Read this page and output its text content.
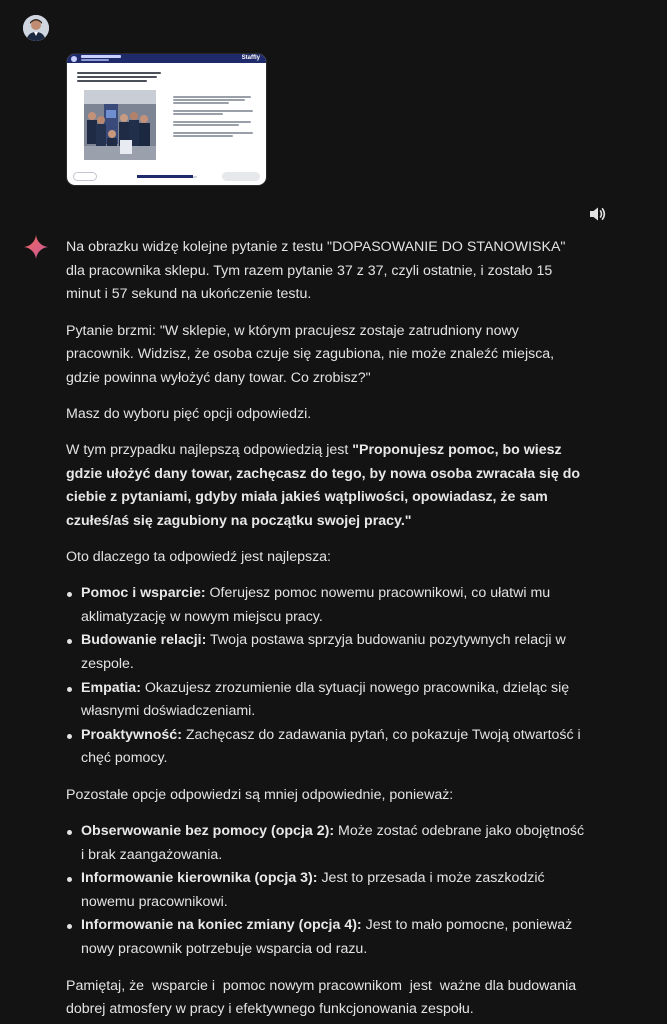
Staffly

Na obrazku widzę kolejne pytanie z testu "DOPASOWANIE DO STANOWISKA" dla pracownika sklepu. Tym razem pytanie 37 z 37, czyli ostatnie, i zostało 15 minut i 57 sekund na ukończenie testu.

Pytanie brzmi: "W sklepie, w którym pracujesz zostaje zatrudniony nowy pracownik. Widzisz, że osoba czuje się zagubiona, nie może znaleźć miejsca, gdzie powinna wyłożyć dany towar. Co zrobisz?"

Masz do wyboru pięć opcji odpowiedzi.

W tym przypadku najlepszą odpowiedzią jest "Proponujesz pomoc, bo wiesz gdzie ułożyć dany towar, zachęcasz do tego, by nowa osoba zwracała się do ciebie z pytaniami, gdyby miała jakieś wątpliwości, opowiadasz, że sam czułeś/aś się zagubiony na początku swojej pracy."

Oto dlaczego ta odpowiedź jest najlepsza:

Pomoc i wsparcie: Oferujesz pomoc nowemu pracownikowi, co ułatwi mu aklimatyzację w nowym miejscu pracy.
Budowanie relacji: Twoja postawa sprzyja budowaniu pozytywnych relacji w zespole.
Empatia: Okazujesz zrozumienie dla sytuacji nowego pracownika, dzieląc się własnymi doświadczeniami.
Proaktywność: Zachęcasz do zadawania pytań, co pokazuje Twoją otwartość i chęć pomocy.

Pozostałe opcje odpowiedzi są mniej odpowiednie, ponieważ:

Obserwowanie bez pomocy (opcja 2): Może zostać odebrane jako obojętność i brak zaangażowania.
Informowanie kierownika (opcja 3): Jest to przesada i może zaszkodzić nowemu pracownikowi.
Informowanie na koniec zmiany (opcja 4): Jest to mało pomocne, ponieważ nowy pracownik potrzebuje wsparcia od razu.

Pamiętaj, że  wsparcie i  pomoc nowym pracownikom  jest  ważne dla budowania dobrej atmosfery w pracy i efektywnego funkcjonowania zespołu.
